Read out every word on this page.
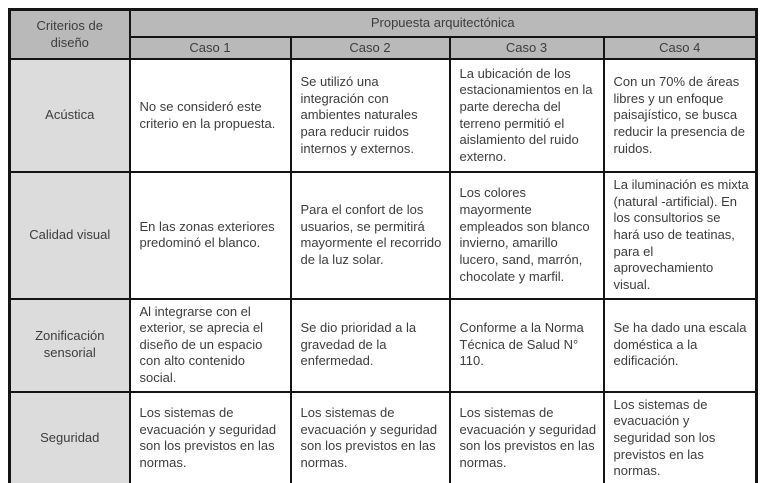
Criterios de diseño	Propuesta arquitectónica			
	Caso 1	Caso 2	Caso 3	Caso 4
Acústica	No se consideró este criterio en la propuesta.	Se utilizó una integración con ambientes naturales para reducir ruidos internos y externos.	La ubicación de los estacionamientos en la parte derecha del terreno permitió el aislamiento del ruido externo.	Con un 70% de áreas libres y un enfoque paisajístico, se busca reducir la presencia de ruidos.
Calidad visual	En las zonas exteriores predominó el blanco.	Para el confort de los usuarios, se permitirá mayormente el recorrido de la luz solar.	Los colores mayormente empleados son blanco invierno, amarillo lucero, sand, marrón, chocolate y marfil.	La iluminación es mixta (natural -artificial). En los consultorios se hará uso de teatinas, para el aprovechamiento visual.
Zonificación sensorial	Al integrarse con el exterior, se aprecia el diseño de un espacio con alto contenido social.	Se dio prioridad a la gravedad de la enfermedad.	Conforme a la Norma Técnica de Salud N° 110.	Se ha dado una escala doméstica a la edificación.
Seguridad	Los sistemas de evacuación y seguridad son los previstos en las normas.	Los sistemas de evacuación y seguridad son los previstos en las normas.	Los sistemas de evacuación y seguridad son los previstos en las normas.	Los sistemas de evacuación y seguridad son los previstos en las normas.
